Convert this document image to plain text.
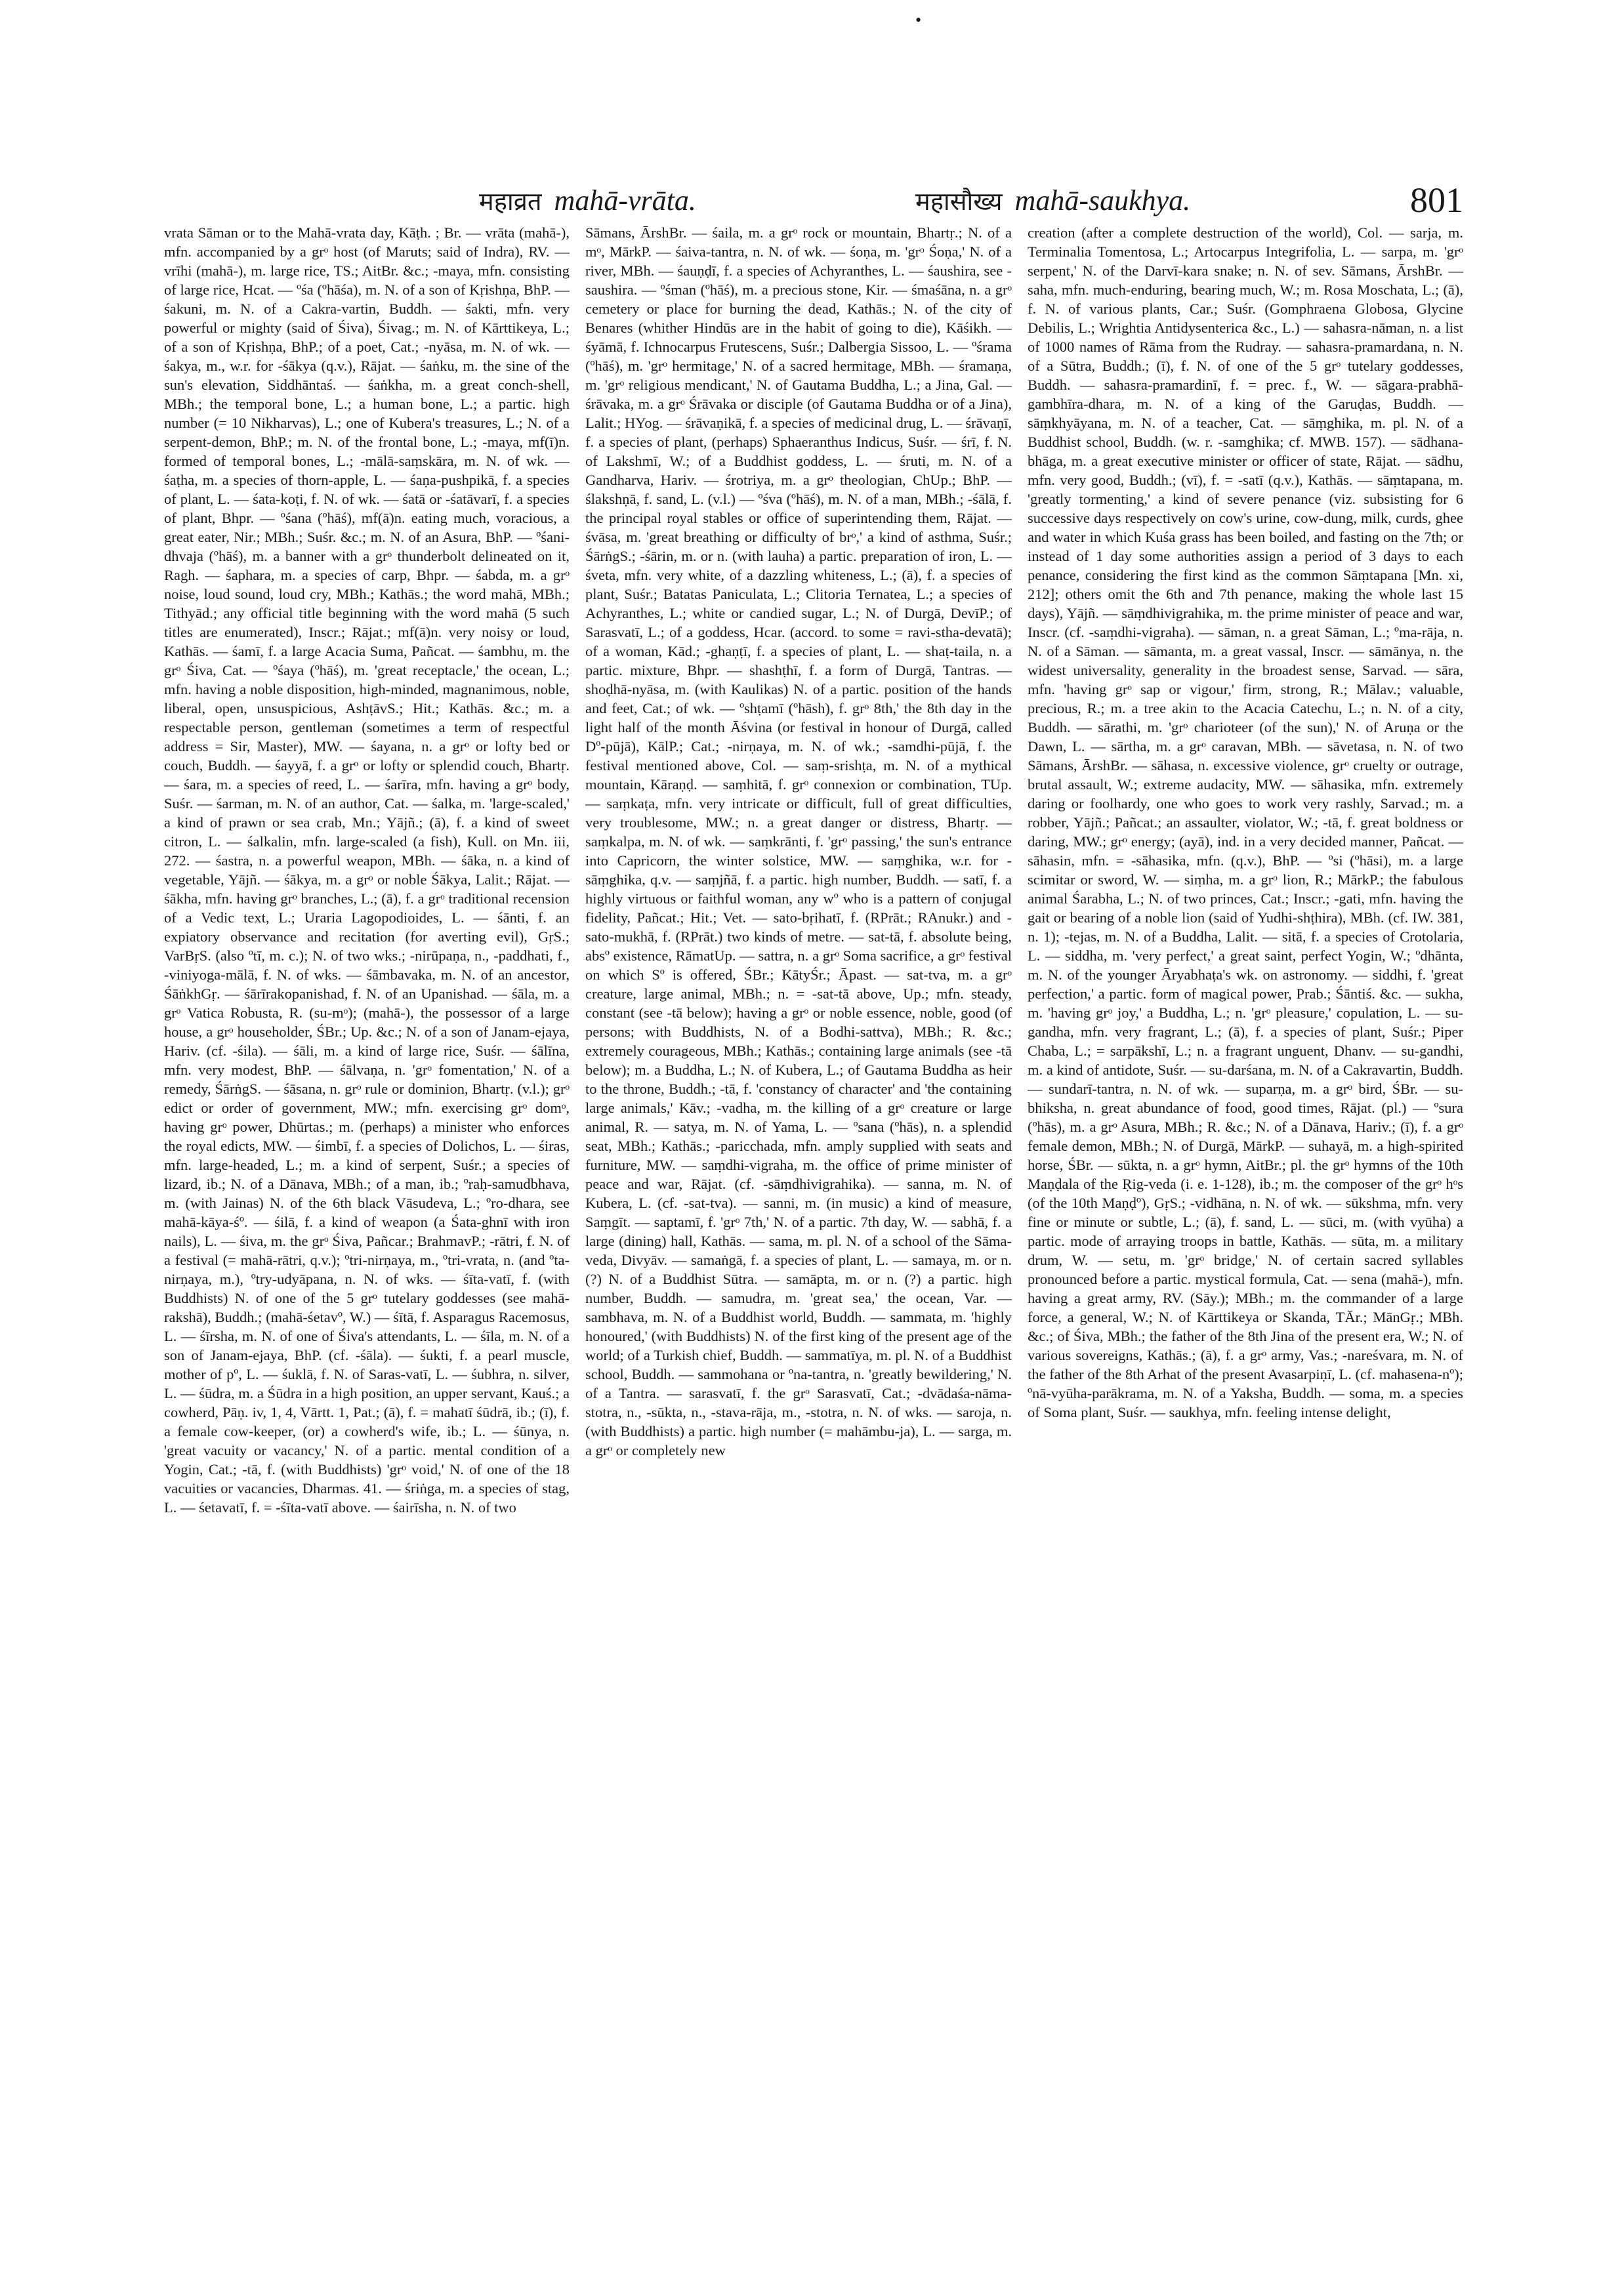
•
महाव्रत mahā-vrāta.	महासौख्य mahā-saukhya.	801

vrata Sāman or to the Mahā-vrata day, Kāṭh. ; Br. — vrāta (mahā-), mfn. accompanied by a grᵒ host (of Maruts; said of Indra), RV. — vrīhi (mahā-), m. large rice, TS.; AitBr. &c.; -maya, mfn. consisting of large rice, Hcat. — ºśa (ºhāśa), m. N. of a son of Kṛishṇa, BhP. — śakuni, m. N. of a Cakra-vartin, Buddh. — śakti, mfn. very powerful or mighty (said of Śiva), Śivag.; m. N. of Kārttikeya, L.; of a son of Kṛishṇa, BhP.; of a poet, Cat.; -nyāsa, m. N. of wk. — śakya, m., w.r. for -śākya (q.v.), Rājat. — śaṅku, m. the sine of the sun's elevation, Siddhāntaś. — śaṅkha, m. a great conch-shell, MBh.; the temporal bone, L.; a human bone, L.; a partic. high number (= 10 Nikharvas), L.; one of Kubera's treasures, L.; N. of a serpent-demon, BhP.; m. N. of the frontal bone, L.; -maya, mf(ī)n. formed of temporal bones, L.; -mālā-saṃskāra, m. N. of wk. — śaṭha, m. a species of thorn-apple, L. — śaṇa-pushpikā, f. a species of plant, L. — śata-koṭi, f. N. of wk. — śatā or -śatāvarī, f. a species of plant, Bhpr. — ºśana (ºhāś), mf(ā)n. eating much, voracious, a great eater, Nir.; MBh.; Suśr. &c.; m. N. of an Asura, BhP. — ºśani-dhvaja (ºhāś), m. a banner with a grᵒ thunderbolt delineated on it, Ragh. — śaphara, m. a species of carp, Bhpr. — śabda, m. a grᵒ noise, loud sound, loud cry, MBh.; Kathās.; the word mahā, MBh.; Tithyād.; any official title beginning with the word mahā (5 such titles are enumerated), Inscr.; Rājat.; mf(ā)n. very noisy or loud, Kathās. — śamī, f. a large Acacia Suma, Pañcat. — śambhu, m. the grᵒ Śiva, Cat. — ºśaya (ºhāś), m. 'great receptacle,' the ocean, L.; mfn. having a noble disposition, high-minded, magnanimous, noble, liberal, open, unsuspicious, AshṭāvS.; Hit.; Kathās. &c.; m. a respectable person, gentleman (sometimes a term of respectful address = Sir, Master), MW. — śayana, n. a grᵒ or lofty bed or couch, Buddh. — śayyā, f. a grᵒ or lofty or splendid couch, Bhartṛ. — śara, m. a species of reed, L. — śarīra, mfn. having a grᵒ body, Suśr. — śarman, m. N. of an author, Cat. — śalka, m. 'large-scaled,' a kind of prawn or sea crab, Mn.; Yājñ.; (ā), f. a kind of sweet citron, L. — śalkalin, mfn. large-scaled (a fish), Kull. on Mn. iii, 272. — śastra, n. a powerful weapon, MBh. — śāka, n. a kind of vegetable, Yājñ. — śākya, m. a grᵒ or noble Śākya, Lalit.; Rājat. — śākha, mfn. having grᵒ branches, L.; (ā), f. a grᵒ traditional recension of a Vedic text, L.; Uraria Lagopodioides, L. — śānti, f. an expiatory observance and recitation (for averting evil), GṛS.; VarBṛS. (also ºtī, m. c.); N. of two wks.; -nirūpaṇa, n., -paddhati, f., -viniyoga-mālā, f. N. of wks. — śāmbavaka, m. N. of an ancestor, ŚāṅkhGṛ. — śārīrakopanishad, f. N. of an Upanishad. — śāla, m. a grᵒ Vatica Robusta, R. (su-mᵒ); (mahā-), the possessor of a large house, a grᵒ householder, ŚBr.; Up. &c.; N. of a son of Janam-ejaya, Hariv. (cf. -śila). — śāli, m. a kind of large rice, Suśr. — śālīna, mfn. very modest, BhP. — śālvaṇa, n. 'grᵒ fomentation,' N. of a remedy, ŚārṅgS. — śāsana, n. grᵒ rule or dominion, Bhartṛ. (v.l.); grᵒ edict or order of government, MW.; mfn. exercising grᵒ domᵒ, having grᵒ power, Dhūrtas.; m. (perhaps) a minister who enforces the royal edicts, MW. — śimbī, f. a species of Dolichos, L. — śiras, mfn. large-headed, L.; m. a kind of serpent, Suśr.; a species of lizard, ib.; N. of a Dānava, MBh.; of a man, ib.; ºraḥ-samudbhava, m. (with Jainas) N. of the 6th black Vāsudeva, L.; ºro-dhara, see mahā-kāya-śº. — śilā, f. a kind of weapon (a Śata-ghnī with iron nails), L. — śiva, m. the grᵒ Śiva, Pañcar.; BrahmavP.; -rātri, f. N. of a festival (= mahā-rātri, q.v.); ºtri-nirṇaya, m., ºtri-vrata, n. (and ºta-nirṇaya, m.), ºtry-udyāpana, n. N. of wks. — śīta-vatī, f. (with Buddhists) N. of one of the 5 grᵒ tutelary goddesses (see mahā-rakshā), Buddh.; (mahā-śetavº, W.) — śītā, f. Asparagus Racemosus, L. — śīrsha, m. N. of one of Śiva's attendants, L. — śīla, m. N. of a son of Janam-ejaya, BhP. (cf. -śāla). — śukti, f. a pearl muscle, mother of pº, L. — śuklā, f. N. of Saras-vatī, L. — śubhra, n. silver, L. — śūdra, m. a Śūdra in a high position, an upper servant, Kauś.; a cowherd, Pāṇ. iv, 1, 4, Vārtt. 1, Pat.; (ā), f. = mahatī śūdrā, ib.; (ī), f. a female cow-keeper, (or) a cowherd's wife, ib.; L. — śūnya, n. 'great vacuity or vacancy,' N. of a partic. mental condition of a Yogin, Cat.; -tā, f. (with Buddhists) 'grᵒ void,' N. of one of the 18 vacuities or vacancies, Dharmas. 41. — śriṅga, m. a species of stag, L. — śetavatī, f. = -śīta-vatī above. — śairīsha, n. N. of two

Sāmans, ĀrshBr. — śaila, m. a grᵒ rock or mountain, Bhartṛ.; N. of a mᵒ, MārkP. — śaiva-tantra, n. N. of wk. — śoṇa, m. 'grᵒ Śoṇa,' N. of a river, MBh. — śauṇḍī, f. a species of Achyranthes, L. — śaushira, see -saushira. — ºśman (ºhāś), m. a precious stone, Kir. — śmaśāna, n. a grᵒ cemetery or place for burning the dead, Kathās.; N. of the city of Benares (whither Hindūs are in the habit of going to die), Kāśikh. — śyāmā, f. Ichnocarpus Frutescens, Suśr.; Dalbergia Sissoo, L. — ºśrama (ºhāś), m. 'grᵒ hermitage,' N. of a sacred hermitage, MBh. — śramaṇa, m. 'grᵒ religious mendicant,' N. of Gautama Buddha, L.; a Jina, Gal. — śrāvaka, m. a grᵒ Śrāvaka or disciple (of Gautama Buddha or of a Jina), Lalit.; HYog. — śrāvaṇikā, f. a species of medicinal drug, L. — śrāvaṇī, f. a species of plant, (perhaps) Sphaeranthus Indicus, Suśr. — śrī, f. N. of Lakshmī, W.; of a Buddhist goddess, L. — śruti, m. N. of a Gandharva, Hariv. — śrotriya, m. a grᵒ theologian, ChUp.; BhP. — ślakshṇā, f. sand, L. (v.l.) — ºśva (ºhāś), m. N. of a man, MBh.; -śālā, f. the principal royal stables or office of superintending them, Rājat. — śvāsa, m. 'great breathing or difficulty of brᵒ,' a kind of asthma, Suśr.; ŚārṅgS.; -śārin, m. or n. (with lauha) a partic. preparation of iron, L. — śveta, mfn. very white, of a dazzling whiteness, L.; (ā), f. a species of plant, Suśr.; Batatas Paniculata, L.; Clitoria Ternatea, L.; a species of Achyranthes, L.; white or candied sugar, L.; N. of Durgā, DevīP.; of Sarasvatī, L.; of a goddess, Hcar. (accord. to some = ravi-stha-devatā); of a woman, Kād.; -ghaṇṭī, f. a species of plant, L. — shaṭ-taila, n. a partic. mixture, Bhpr. — shashṭhī, f. a form of Durgā, Tantras. — shoḍhā-nyāsa, m. (with Kaulikas) N. of a partic. position of the hands and feet, Cat.; of wk. — ºshṭamī (ºhāsh), f. grᵒ 8th,' the 8th day in the light half of the month Āśvina (or festival in honour of Durgā, called Dº-pūjā), KālP.; Cat.; -nirṇaya, m. N. of wk.; -samdhi-pūjā, f. the festival mentioned above, Col. — saṃ-srishṭa, m. N. of a mythical mountain, Kāraṇḍ. — saṃhitā, f. grᵒ connexion or combination, TUp. — saṃkaṭa, mfn. very intricate or difficult, full of great difficulties, very troublesome, MW.; n. a great danger or distress, Bhartṛ. — saṃkalpa, m. N. of wk. — saṃkrānti, f. 'grᵒ passing,' the sun's entrance into Capricorn, the winter solstice, MW. — saṃghika, w.r. for -sāṃghika, q.v. — saṃjñā, f. a partic. high number, Buddh. — satī, f. a highly virtuous or faithful woman, any wº who is a pattern of conjugal fidelity, Pañcat.; Hit.; Vet. — sato-bṛihatī, f. (RPrāt.; RAnukr.) and -sato-mukhā, f. (RPrāt.) two kinds of metre. — sat-tā, f. absolute being, absº existence, RāmatUp. — sattra, n. a grᵒ Soma sacrifice, a grᵒ festival on which Sº is offered, ŚBr.; KātyŚr.; Āpast. — sat-tva, m. a grᵒ creature, large animal, MBh.; n. = -sat-tā above, Up.; mfn. steady, constant (see -tā below); having a grᵒ or noble essence, noble, good (of persons; with Buddhists, N. of a Bodhi-sattva), MBh.; R. &c.; extremely courageous, MBh.; Kathās.; containing large animals (see -tā below); m. a Buddha, L.; N. of Kubera, L.; of Gautama Buddha as heir to the throne, Buddh.; -tā, f. 'constancy of character' and 'the containing large animals,' Kāv.; -vadha, m. the killing of a grᵒ creature or large animal, R. — satya, m. N. of Yama, L. — ºsana (ºhās), n. a splendid seat, MBh.; Kathās.; -paricchada, mfn. amply supplied with seats and furniture, MW. — saṃdhi-vigraha, m. the office of prime minister of peace and war, Rājat. (cf. -sāṃdhivigrahika). — sanna, m. N. of Kubera, L. (cf. -sat-tva). — sanni, m. (in music) a kind of measure, Saṃgīt. — saptamī, f. 'grᵒ 7th,' N. of a partic. 7th day, W. — sabhā, f. a large (dining) hall, Kathās. — sama, m. pl. N. of a school of the Sāma-veda, Divyāv. — samaṅgā, f. a species of plant, L. — samaya, m. or n. (?) N. of a Buddhist Sūtra. — samāpta, m. or n. (?) a partic. high number, Buddh. — samudra, m. 'great sea,' the ocean, Var. — sambhava, m. N. of a Buddhist world, Buddh. — sammata, m. 'highly honoured,' (with Buddhists) N. of the first king of the present age of the world; of a Turkish chief, Buddh. — sammatīya, m. pl. N. of a Buddhist school, Buddh. — sammohana or ºna-tantra, n. 'greatly bewildering,' N. of a Tantra. — sarasvatī, f. the grᵒ Sarasvatī, Cat.; -dvādaśa-nāma-stotra, n., -sūkta, n., -stava-rāja, m., -stotra, n. N. of wks. — saroja, n. (with Buddhists) a partic. high number (= mahāmbu-ja), L. — sarga, m. a grᵒ or completely new

creation (after a complete destruction of the world), Col. — sarja, m. Terminalia Tomentosa, L.; Artocarpus Integrifolia, L. — sarpa, m. 'grᵒ serpent,' N. of the Darvī-kara snake; n. N. of sev. Sāmans, ĀrshBr. — saha, mfn. much-enduring, bearing much, W.; m. Rosa Moschata, L.; (ā), f. N. of various plants, Car.; Suśr. (Gomphraena Globosa, Glycine Debilis, L.; Wrightia Antidysenterica &c., L.) — sahasra-nāman, n. a list of 1000 names of Rāma from the Rudray. — sahasra-pramardana, n. N. of a Sūtra, Buddh.; (ī), f. N. of one of the 5 grᵒ tutelary goddesses, Buddh. — sahasra-pramardinī, f. = prec. f., W. — sāgara-prabhā-gambhīra-dhara, m. N. of a king of the Garuḍas, Buddh. — sāṃkhyāyana, m. N. of a teacher, Cat. — sāṃghika, m. pl. N. of a Buddhist school, Buddh. (w. r. -samghika; cf. MWB. 157). — sādhana-bhāga, m. a great executive minister or officer of state, Rājat. — sādhu, mfn. very good, Buddh.; (vī), f. = -satī (q.v.), Kathās. — sāṃtapana, m. 'greatly tormenting,' a kind of severe penance (viz. subsisting for 6 successive days respectively on cow's urine, cow-dung, milk, curds, ghee and water in which Kuśa grass has been boiled, and fasting on the 7th; or instead of 1 day some authorities assign a period of 3 days to each penance, considering the first kind as the common Sāṃtapana [Mn. xi, 212]; others omit the 6th and 7th penance, making the whole last 15 days), Yājñ. — sāṃdhivigrahika, m. the prime minister of peace and war, Inscr. (cf. -saṃdhi-vigraha). — sāman, n. a great Sāman, L.; ºma-rāja, n. N. of a Sāman. — sāmanta, m. a great vassal, Inscr. — sāmānya, n. the widest universality, generality in the broadest sense, Sarvad. — sāra, mfn. 'having grᵒ sap or vigour,' firm, strong, R.; Mālav.; valuable, precious, R.; m. a tree akin to the Acacia Catechu, L.; n. N. of a city, Buddh. — sārathi, m. 'grᵒ charioteer (of the sun),' N. of Aruṇa or the Dawn, L. — sārtha, m. a grᵒ caravan, MBh. — sāvetasa, n. N. of two Sāmans, ĀrshBr. — sāhasa, n. excessive violence, grᵒ cruelty or outrage, brutal assault, W.; extreme audacity, MW. — sāhasika, mfn. extremely daring or foolhardy, one who goes to work very rashly, Sarvad.; m. a robber, Yājñ.; Pañcat.; an assaulter, violator, W.; -tā, f. great boldness or daring, MW.; grᵒ energy; (ayā), ind. in a very decided manner, Pañcat. — sāhasin, mfn. = -sāhasika, mfn. (q.v.), BhP. — ºsi (ºhāsi), m. a large scimitar or sword, W. — siṃha, m. a grᵒ lion, R.; MārkP.; the fabulous animal Śarabha, L.; N. of two princes, Cat.; Inscr.; -gati, mfn. having the gait or bearing of a noble lion (said of Yudhi-shṭhira), MBh. (cf. IW. 381, n. 1); -tejas, m. N. of a Buddha, Lalit. — sitā, f. a species of Crotolaria, L. — siddha, m. 'very perfect,' a great saint, perfect Yogin, W.; ºdhānta, m. N. of the younger Āryabhaṭa's wk. on astronomy. — siddhi, f. 'great perfection,' a partic. form of magical power, Prab.; Śāntiś. &c. — sukha, m. 'having grᵒ joy,' a Buddha, L.; n. 'grᵒ pleasure,' copulation, L. — su-gandha, mfn. very fragrant, L.; (ā), f. a species of plant, Suśr.; Piper Chaba, L.; = sarpākshī, L.; n. a fragrant unguent, Dhanv. — su-gandhi, m. a kind of antidote, Suśr. — su-darśana, m. N. of a Cakravartin, Buddh. — sundarī-tantra, n. N. of wk. — suparṇa, m. a grᵒ bird, ŚBr. — su-bhiksha, n. great abundance of food, good times, Rājat. (pl.) — ºsura (ºhās), m. a grᵒ Asura, MBh.; R. &c.; N. of a Dānava, Hariv.; (ī), f. a grᵒ female demon, MBh.; N. of Durgā, MārkP. — suhayā, m. a high-spirited horse, ŚBr. — sūkta, n. a grᵒ hymn, AitBr.; pl. the grᵒ hymns of the 10th Maṇḍala of the Ṛig-veda (i. e. 1-128), ib.; m. the composer of the grᵒ hᵒs (of the 10th Maṇḍº), GṛS.; -vidhāna, n. N. of wk. — sūkshma, mfn. very fine or minute or subtle, L.; (ā), f. sand, L. — sūci, m. (with vyūha) a partic. mode of arraying troops in battle, Kathās. — sūta, m. a military drum, W. — setu, m. 'grᵒ bridge,' N. of certain sacred syllables pronounced before a partic. mystical formula, Cat. — sena (mahā-), mfn. having a great army, RV. (Sāy.); MBh.; m. the commander of a large force, a general, W.; N. of Kārttikeya or Skanda, TĀr.; MānGṛ.; MBh. &c.; of Śiva, MBh.; the father of the 8th Jina of the present era, W.; N. of various sovereigns, Kathās.; (ā), f. a grᵒ army, Vas.; -nareśvara, m. N. of the father of the 8th Arhat of the present Avasarpiṇī, L. (cf. mahasena-nº); ºnā-vyūha-parākrama, m. N. of a Yaksha, Buddh. — soma, m. a species of Soma plant, Suśr. — saukhya, mfn. feeling intense delight,
